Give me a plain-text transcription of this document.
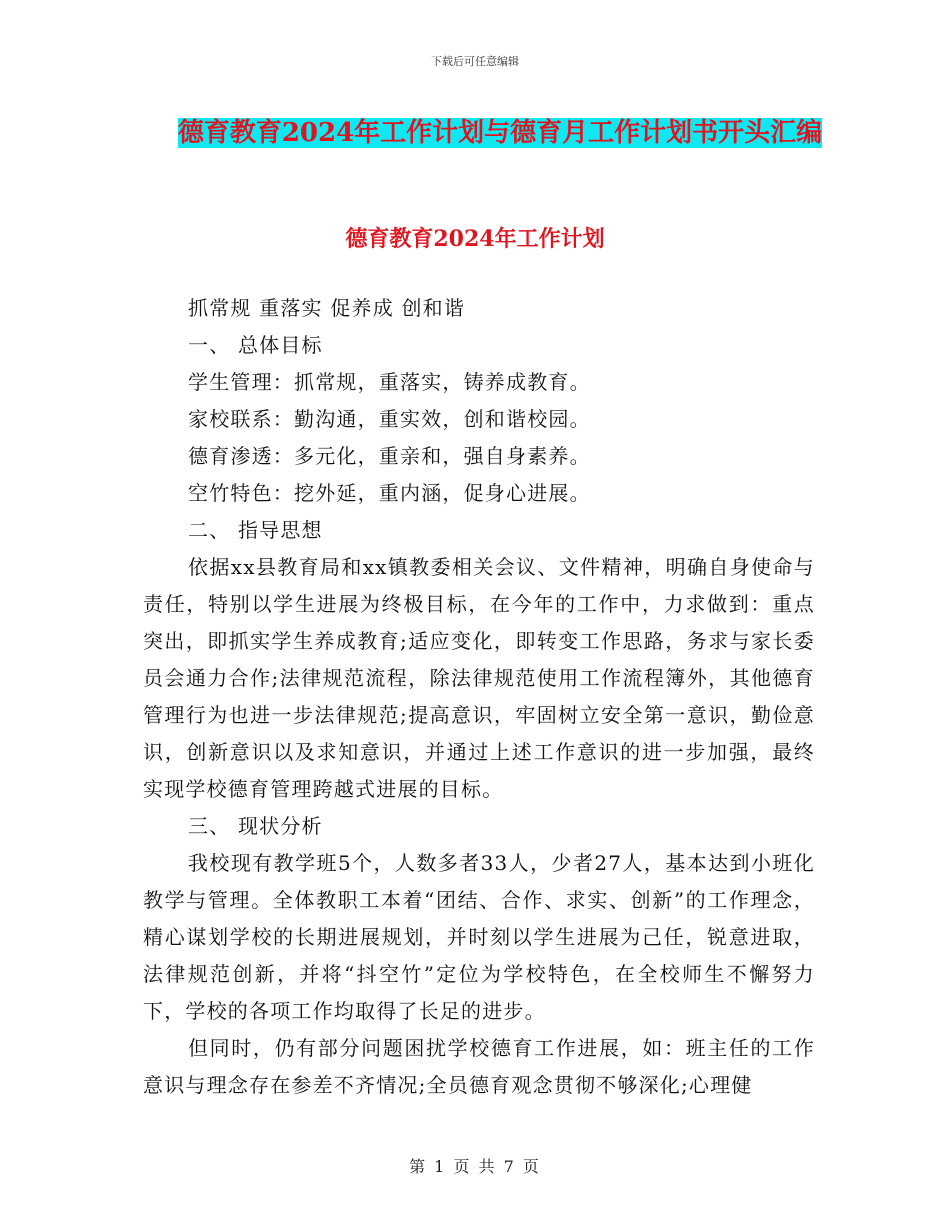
下载后可任意编辑
德育教育2024年工作计划与德育月工作计划书开头汇编
德育教育2024年工作计划
抓常规 重落实 促养成 创和谐
一、 总体目标
学生管理：抓常规，重落实，铸养成教育。
家校联系：勤沟通，重实效，创和谐校园。
德育渗透：多元化，重亲和，强自身素养。
空竹特色：挖外延，重内涵，促身心进展。
二、 指导思想
依据xx县教育局和xx镇教委相关会议、文件精神，明确自身使命与责任，特别以学生进展为终极目标，在今年的工作中，力求做到：重点突出，即抓实学生养成教育;适应变化，即转变工作思路，务求与家长委员会通力合作;法律规范流程，除法律规范使用工作流程簿外，其他德育管理行为也进一步法律规范;提高意识，牢固树立安全第一意识，勤俭意识，创新意识以及求知意识，并通过上述工作意识的进一步加强，最终实现学校德育管理跨越式进展的目标。
三、 现状分析
我校现有教学班5个，人数多者33人，少者27人，基本达到小班化教学与管理。全体教职工本着“团结、合作、求实、创新”的工作理念，精心谋划学校的长期进展规划，并时刻以学生进展为己任，锐意进取，法律规范创新，并将“抖空竹”定位为学校特色，在全校师生不懈努力下，学校的各项工作均取得了长足的进步。
但同时，仍有部分问题困扰学校德育工作进展，如：班主任的工作意识与理念存在参差不齐情况;全员德育观念贯彻不够深化;心理健
第 1 页 共 7 页
